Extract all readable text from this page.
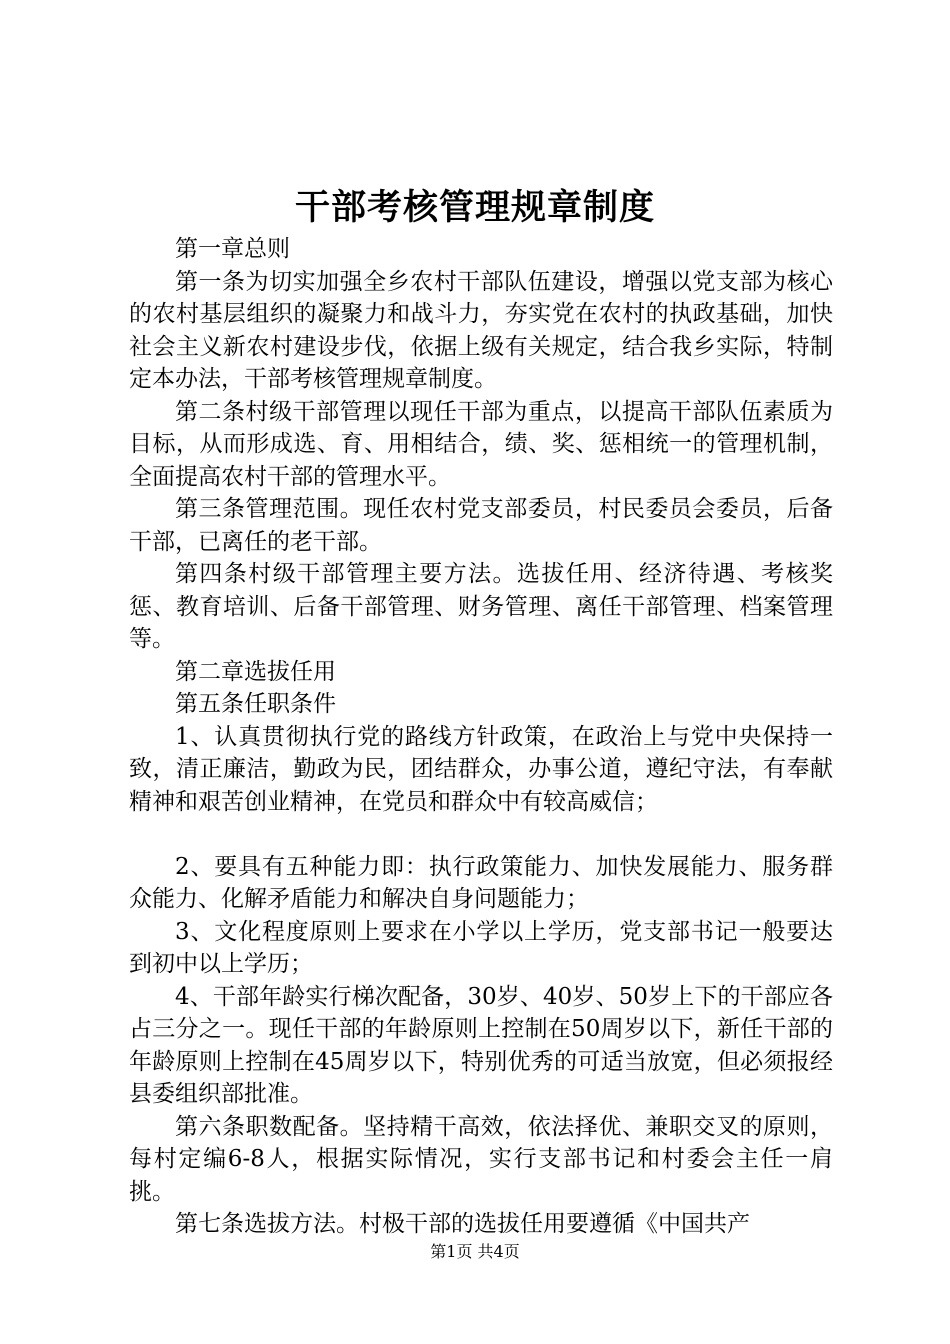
干部考核管理规章制度

第一章总则

第一条为切实加强全乡农村干部队伍建设，增强以党支部为核心的农村基层组织的凝聚力和战斗力，夯实党在农村的执政基础，加快社会主义新农村建设步伐，依据上级有关规定，结合我乡实际，特制定本办法，干部考核管理规章制度。

第二条村级干部管理以现任干部为重点，以提高干部队伍素质为目标，从而形成选、育、用相结合，绩、奖、惩相统一的管理机制，全面提高农村干部的管理水平。

第三条管理范围。现任农村党支部委员，村民委员会委员，后备干部，已离任的老干部。

第四条村级干部管理主要方法。选拔任用、经济待遇、考核奖惩、教育培训、后备干部管理、财务管理、离任干部管理、档案管理等。

第二章选拔任用

第五条任职条件

1、认真贯彻执行党的路线方针政策，在政治上与党中央保持一致，清正廉洁，勤政为民，团结群众，办事公道，遵纪守法，有奉献精神和艰苦创业精神，在党员和群众中有较高威信；

2、要具有五种能力即：执行政策能力、加快发展能力、服务群众能力、化解矛盾能力和解决自身问题能力；

3、文化程度原则上要求在小学以上学历，党支部书记一般要达到初中以上学历；

4、干部年龄实行梯次配备，30岁、40岁、50岁上下的干部应各占三分之一。现任干部的年龄原则上控制在50周岁以下，新任干部的年龄原则上控制在45周岁以下，特别优秀的可适当放宽，但必须报经县委组织部批准。

第六条职数配备。坚持精干高效，依法择优、兼职交叉的原则，每村定编6-8人，根据实际情况，实行支部书记和村委会主任一肩挑。

第七条选拔方法。村极干部的选拔任用要遵循《中国共产

第1页 共4页
